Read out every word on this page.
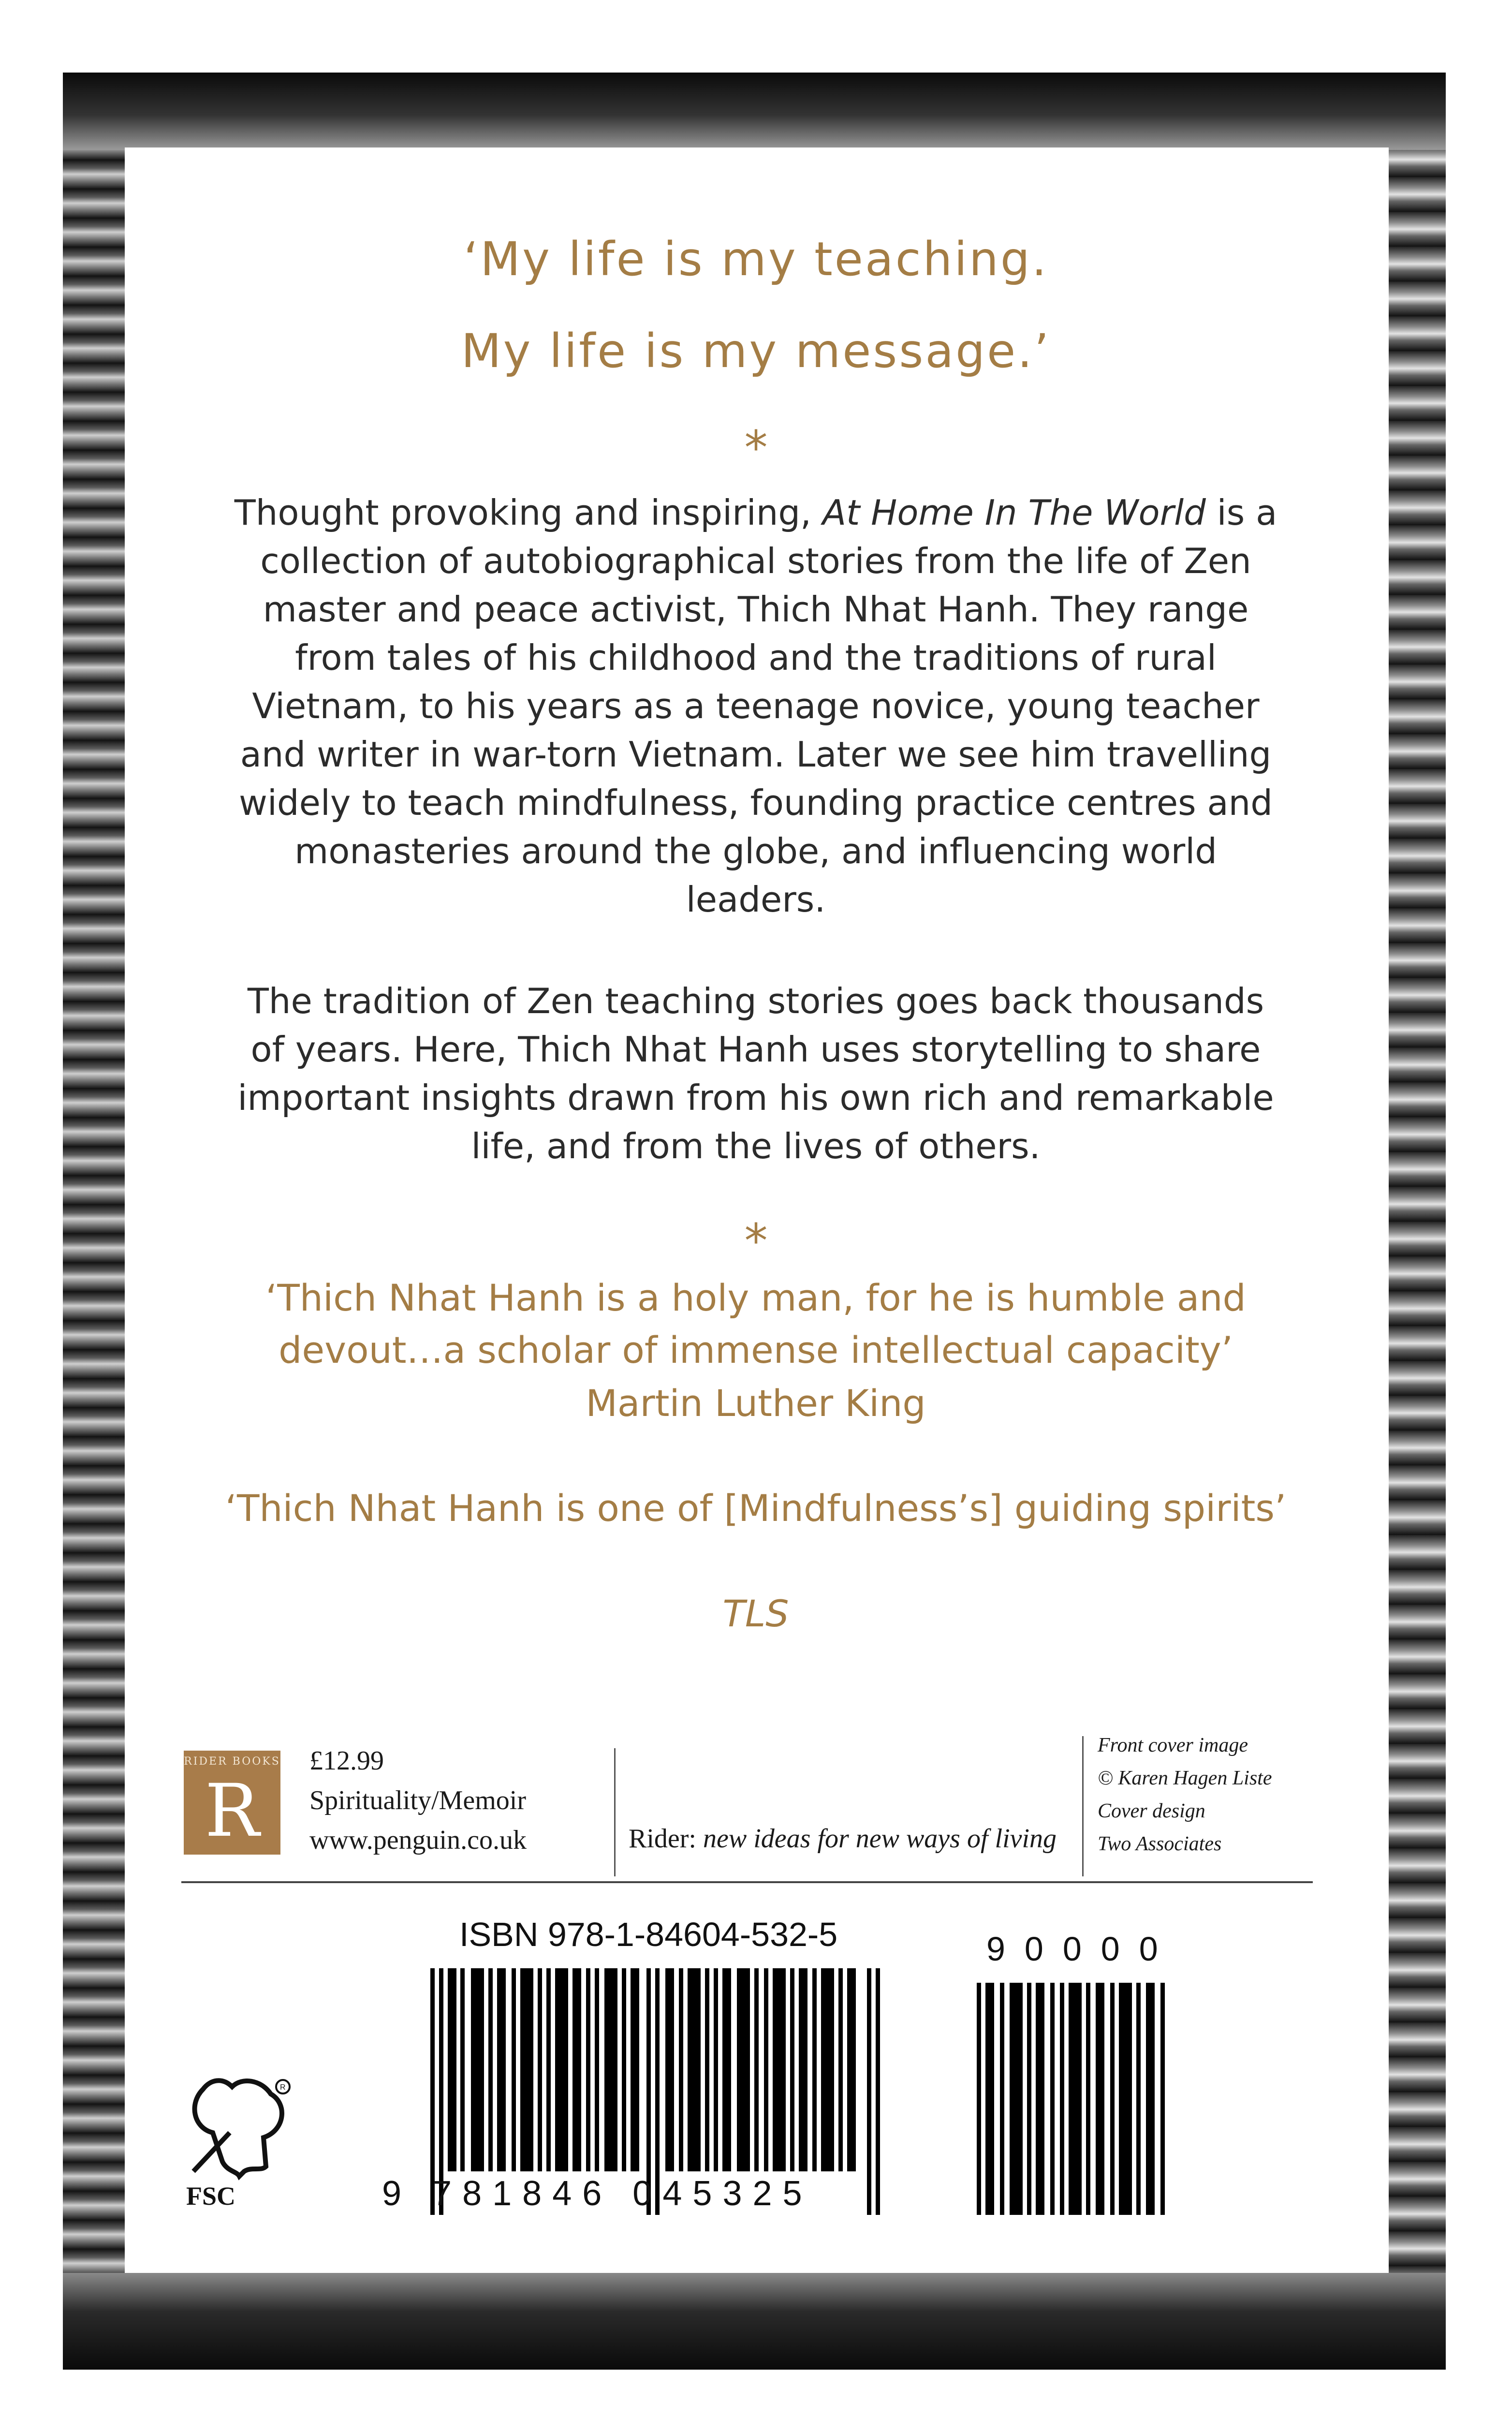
‘My life is my teaching.
My life is my message.’
*
Thought provoking and inspiring, At Home In The World is a collection of autobiographical stories from the life of Zen master and peace activist, Thich Nhat Hanh. They range from tales of his childhood and the traditions of rural Vietnam, to his years as a teenage novice, young teacher and writer in war-torn Vietnam. Later we see him travelling widely to teach mindfulness, founding practice centres and monasteries around the globe, and influencing world leaders.
The tradition of Zen teaching stories goes back thousands of years. Here, Thich Nhat Hanh uses storytelling to share important insights drawn from his own rich and remarkable life, and from the lives of others.
*
‘Thich Nhat Hanh is a holy man, for he is humble and devout…a scholar of immense intellectual capacity’
Martin Luther King
‘Thich Nhat Hanh is one of [Mindfulness’s] guiding spirits’
TLS
RIDER BOOKS
R
£12.99
Spirituality/Memoir
www.penguin.co.uk	Rider: new ideas for new ways of living
Front cover image
© Karen Hagen Liste
Cover design
Two Associates
ISBN 978-1-84604-532-5	90000
9 781846 045325
R
FSC
